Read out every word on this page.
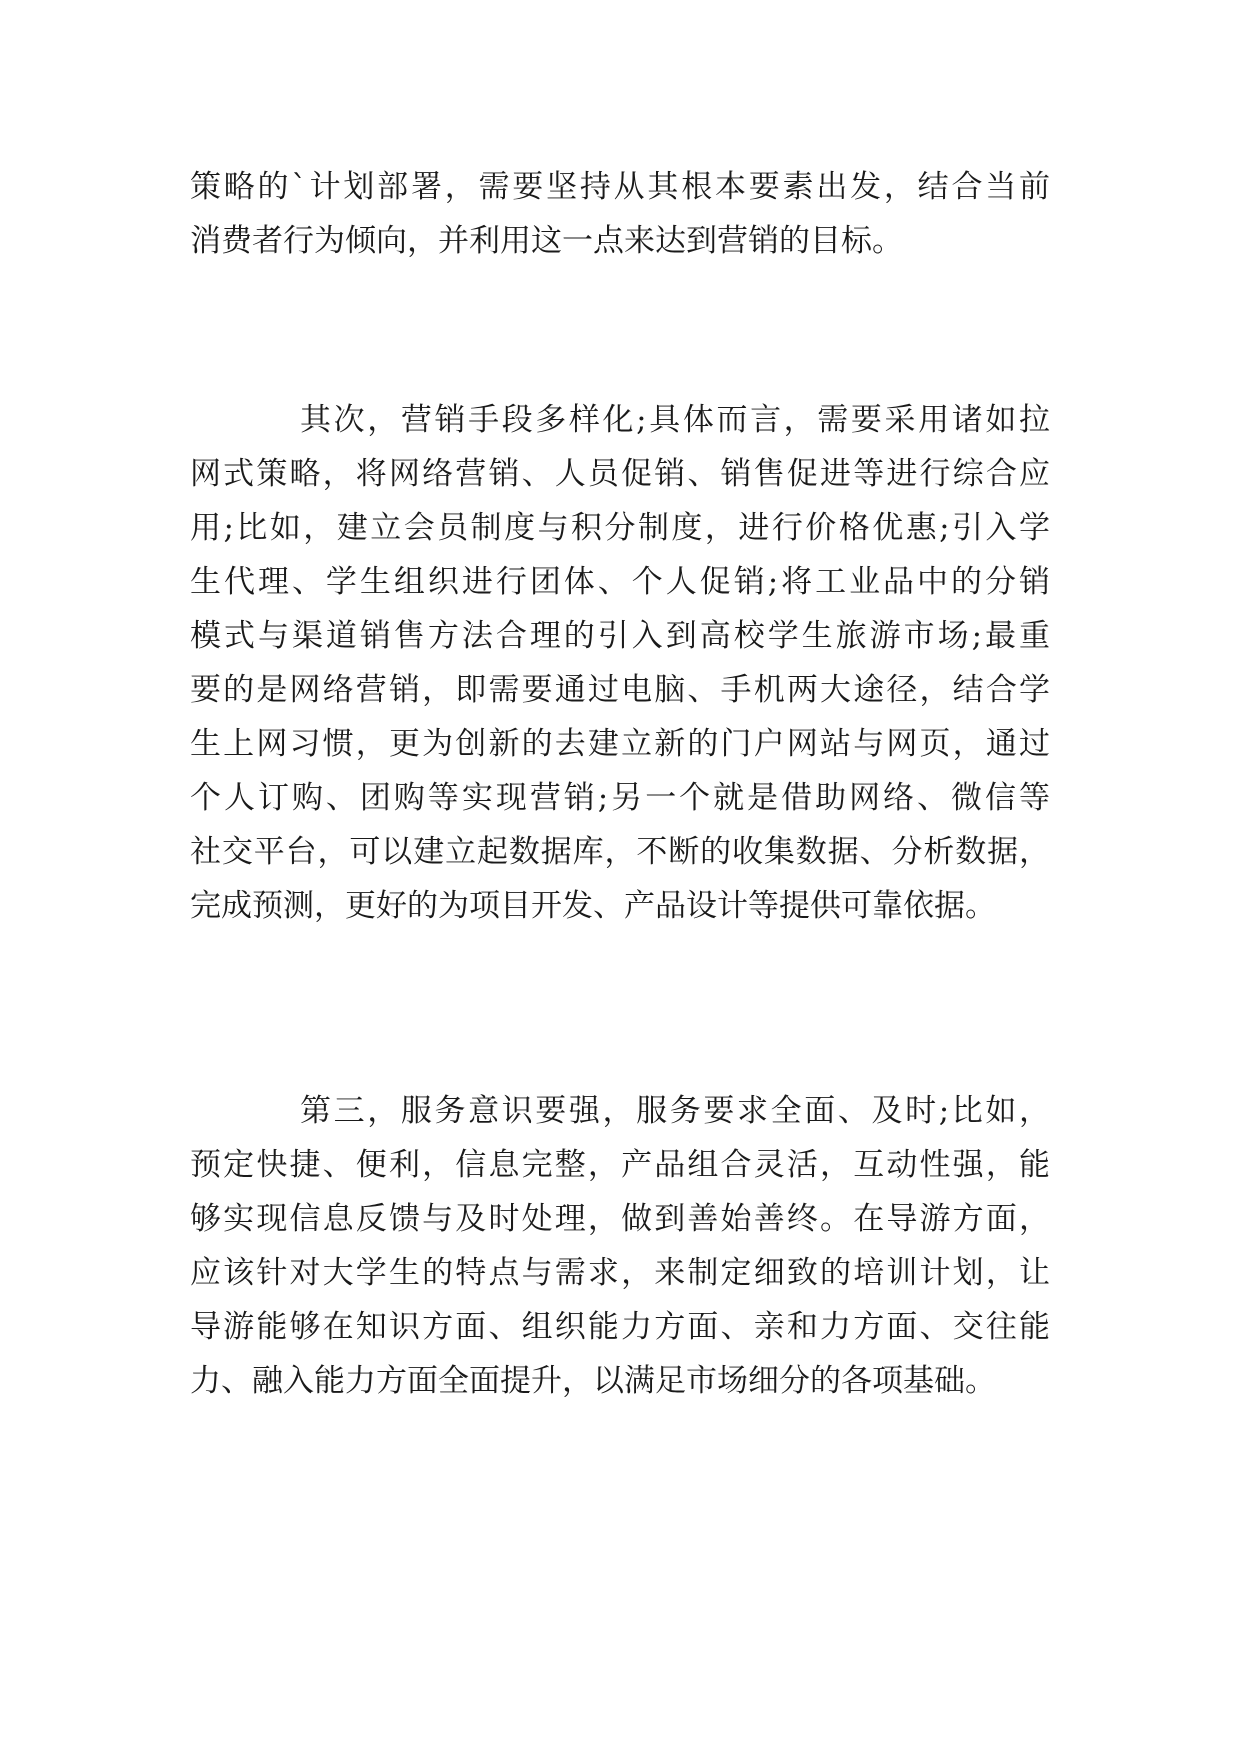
策略的`计划部署，需要坚持从其根本要素出发，结合当前
消费者行为倾向，并利用这一点来达到营销的目标。

其次，营销手段多样化;具体而言，需要采用诸如拉
网式策略，将网络营销、人员促销、销售促进等进行综合应
用;比如，建立会员制度与积分制度，进行价格优惠;引入学
生代理、学生组织进行团体、个人促销;将工业品中的分销
模式与渠道销售方法合理的引入到高校学生旅游市场;最重
要的是网络营销，即需要通过电脑、手机两大途径，结合学
生上网习惯，更为创新的去建立新的门户网站与网页，通过
个人订购、团购等实现营销;另一个就是借助网络、微信等
社交平台，可以建立起数据库，不断的收集数据、分析数据，
完成预测，更好的为项目开发、产品设计等提供可靠依据。

第三，服务意识要强，服务要求全面、及时;比如，
预定快捷、便利，信息完整，产品组合灵活，互动性强，能
够实现信息反馈与及时处理，做到善始善终。在导游方面，
应该针对大学生的特点与需求，来制定细致的培训计划，让
导游能够在知识方面、组织能力方面、亲和力方面、交往能
力、融入能力方面全面提升，以满足市场细分的各项基础。
